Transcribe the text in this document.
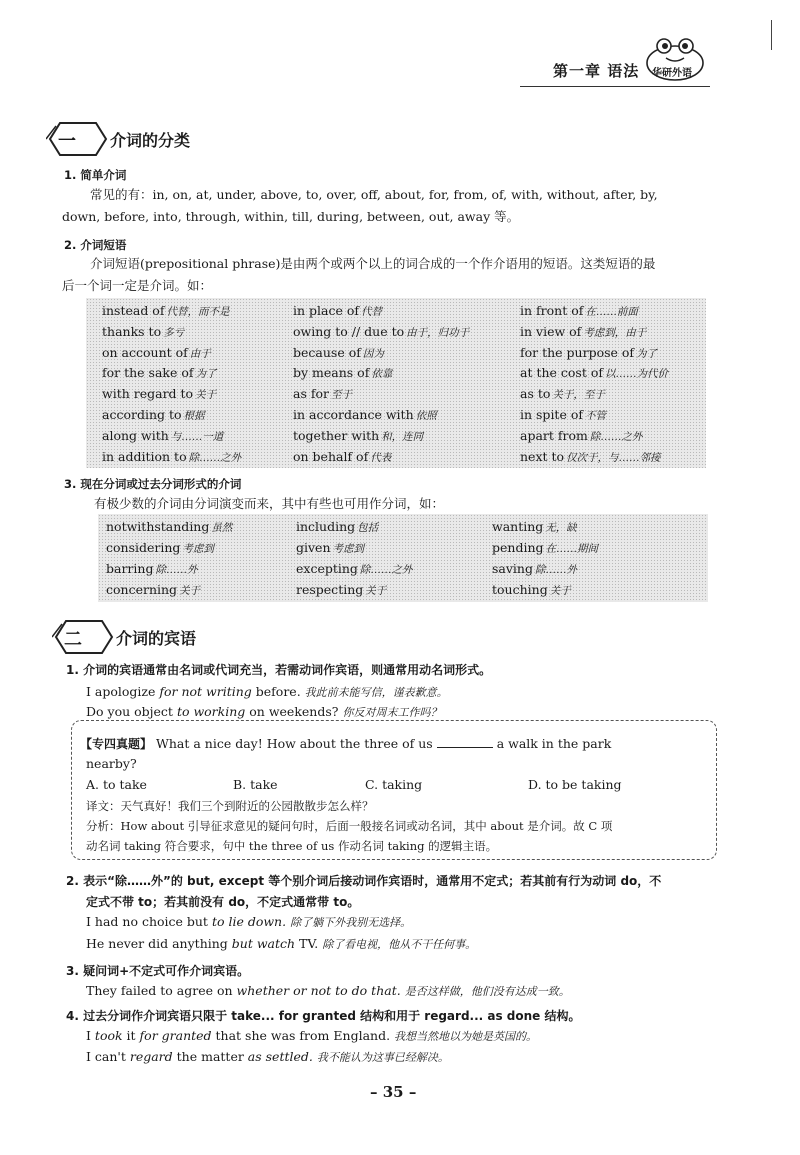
第一章 语法 华研外语
一 介词的分类
1. 简单介词
常见的有：in, on, at, under, above, to, over, off, about, for, from, of, with, without, after, by,
down, before, into, through, within, till, during, between, out, away 等。
2. 介词短语
介词短语(prepositional phrase)是由两个或两个以上的词合成的一个作介语用的短语。这类短语的最
后一个词一定是介词。如：
instead of 代替，而不是	in place of 代替	in front of 在……前面
thanks to 多亏	owing to // due to 由于，归功于	in view of 考虑到，由于
on account of 由于	because of 因为	for the purpose of 为了
for the sake of 为了	by means of 依靠	at the cost of 以……为代价
with regard to 关于	as for 至于	as to 关于，至于
according to 根据	in accordance with 依照	in spite of 不管
along with 与……一道	together with 和，连同	apart from 除……之外
in addition to 除……之外	on behalf of 代表	next to 仅次于，与……邻接
3. 现在分词或过去分词形式的介词
有极少数的介词由分词演变而来，其中有些也可用作分词，如：
notwithstanding 虽然	including 包括	wanting 无，缺
considering 考虑到	given 考虑到	pending 在……期间
barring 除……外	excepting 除……之外	saving 除……外
concerning 关于	respecting 关于	touching 关于
二 介词的宾语
1. 介词的宾语通常由名词或代词充当，若需动词作宾语，则通常用动名词形式。
I apologize for not writing before. 我此前未能写信，谨表歉意。
Do you object to working on weekends? 你反对周末工作吗？
【专四真题】 What a nice day! How about the three of us	a walk in the park
nearby?
A. to take	B. take	C. taking	D. to be taking
译文：天气真好！我们三个到附近的公园散散步怎么样？
分析：How about 引导征求意见的疑问句时，后面一般接名词或动名词，其中 about 是介词。故 C 项
动名词 taking 符合要求，句中 the three of us 作动名词 taking 的逻辑主语。
2. 表示“除……外”的 but, except 等个别介词后接动词作宾语时，通常用不定式；若其前有行为动词 do，不
定式不带 to；若其前没有 do，不定式通常带 to。
I had no choice but to lie down. 除了躺下外我别无选择。
He never did anything but watch TV. 除了看电视，他从不干任何事。
3. 疑问词+不定式可作介词宾语。
They failed to agree on whether or not to do that. 是否这样做，他们没有达成一致。
4. 过去分词作介词宾语只限于 take... for granted 结构和用于 regard... as done 结构。
I took it for granted that she was from England. 我想当然地以为她是英国的。
I can't regard the matter as settled. 我不能认为这事已经解决。
– 35 –
